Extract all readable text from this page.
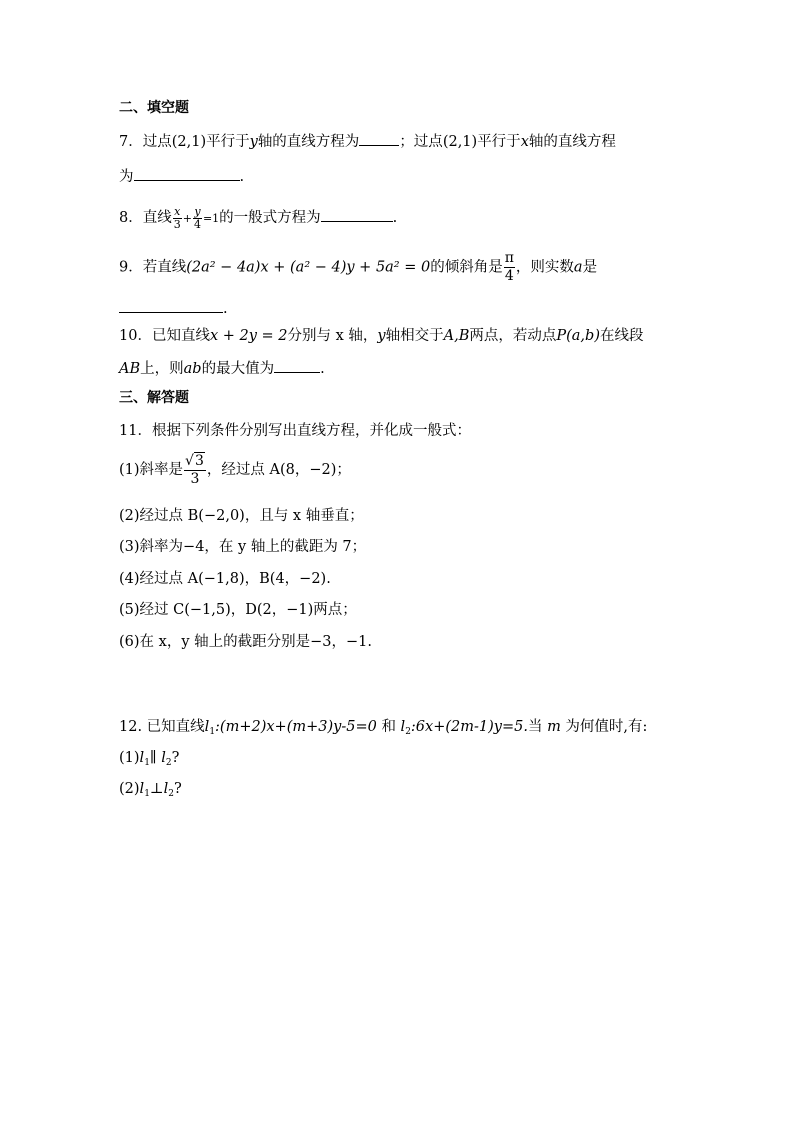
二、填空题
7．过点(2,1)平行于y轴的直线方程为	；过点(2,1)平行于x轴的直线方程
为	.
8．直线 $\frac{x}{3} + \frac{y}{4} =1$的一般式方程为	.
9．若直线(2a² − 4a)x + (a² − 4)y + 5a² = 0的倾斜角是 $\frac{\pi}{4}$ ，则实数a是
.
10．已知直线x + 2y = 2分别与 x 轴，y轴相交于A,B两点，若动点P(a,b)在线段
AB上，则ab的最大值为	.
三、解答题
11．根据下列条件分别写出直线方程，并化成一般式：
(1)斜率是 $\frac{√3}{3}$ ，经过点 A(8，−2)；
(2)经过点 B(−2,0)，且与 x 轴垂直；
(3)斜率为−4，在 y 轴上的截距为 7；
(4)经过点 A(−1,8)，B(4，−2).
(5)经过 C(−1,5)，D(2，−1)两点；
(6)在 x，y 轴上的截距分别是−3，−1.
12. 已知直线$l_1:(m+2)x+(m+3)y-5=0$ 和 $l_2:6x+(2m-1)y=5$.当 m 为何值时,有:
$(1)l_1\parallel$ $l_2$?
$(2)l_1\perp l_2$?
